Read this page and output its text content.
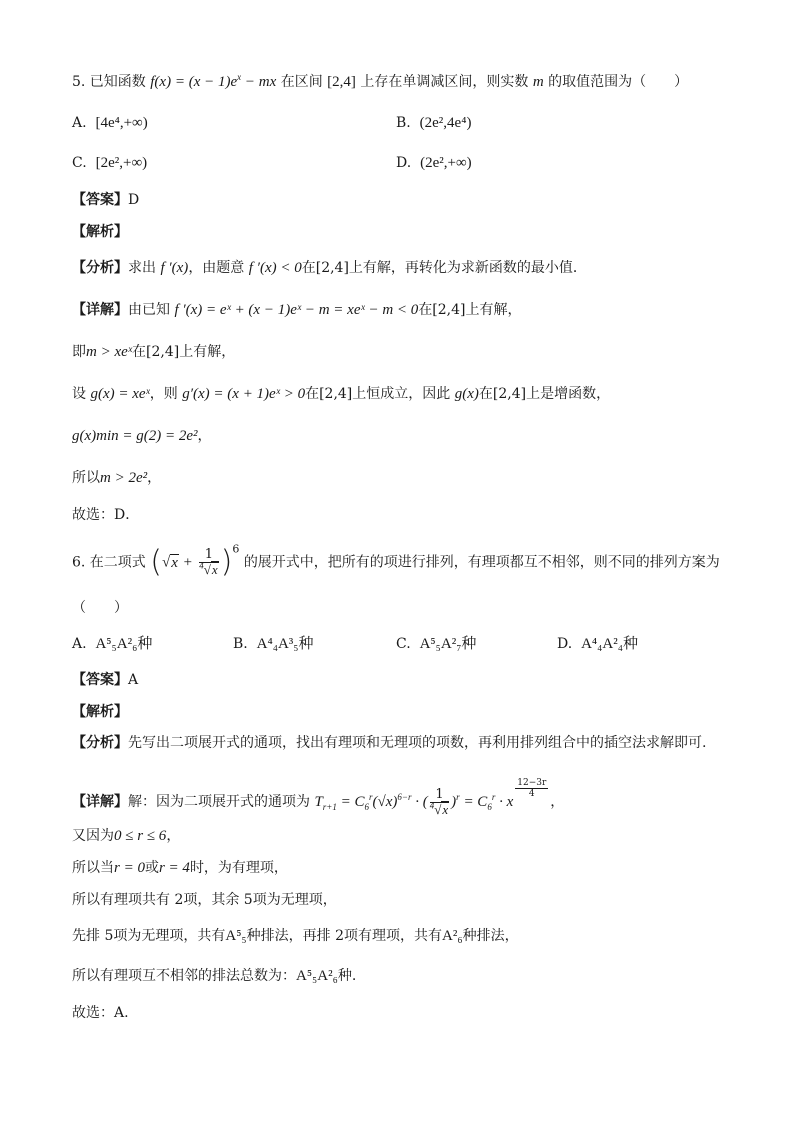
5. 已知函数 $f(x) = (x - 1)e^x$ − mx 在区间 [2,4] 上存在单调减区间，则实数 m 的取值范围为（　　）
A. [4e⁴,+∞)	B. (2e²,4e⁴)
C. [2e²,+∞)	D. (2e²,+∞)
【答案】D
【解析】
【分析】求出 f ′(x)，由题意 f ′(x) < 0在[2,4]上有解，再转化为求新函数的最小值．
【详解】由已知 f ′(x) = eˣ + (x − 1)eˣ − m = xeˣ − m < 0在[2,4]上有解，
即m > xeˣ在[2,4]上有解，
设 g(x) = xeˣ，则 g′(x) = (x + 1)eˣ > 0在[2,4]上恒成立，因此 g(x)在[2,4]上是增函数，
g(x)min = g(2) = 2e²，
所以m > 2e²，
故选：D．
6. 在二项式 $(√x + \frac{1}{^4√x} )^6$ 的展开式中，把所有的项进行排列，有理项都互不相邻，则不同的排列方案为
（　　）
A. A⁵₅A²₆种	B. A⁴₄A³₅种	C. A⁵₅A²₇种	D. A⁴₄A²₄种
【答案】A
【解析】
【分析】先写出二项展开式的通项，找出有理项和无理项的项数，再利用排列组合中的插空法求解即可.
【详解】解：因为二项展开式的通项为 $T_{r+1} = C_6^r(√x)^{6-r}$ · ( $\frac{1}{^4√x} )^r = C_6^r \cdot x$
$\frac{12-3r}{4}$
，
又因为0 ≤ r ≤ 6，
所以当r = 0或r = 4时，为有理项，
所以有理项共有 2项，其余 5项为无理项，
先排 5项为无理项，共有A⁵₅种排法，再排 2项有理项，共有A²₆种排法，
所以有理项互不相邻的排法总数为：A⁵₅A²₆种.
故选：A.
